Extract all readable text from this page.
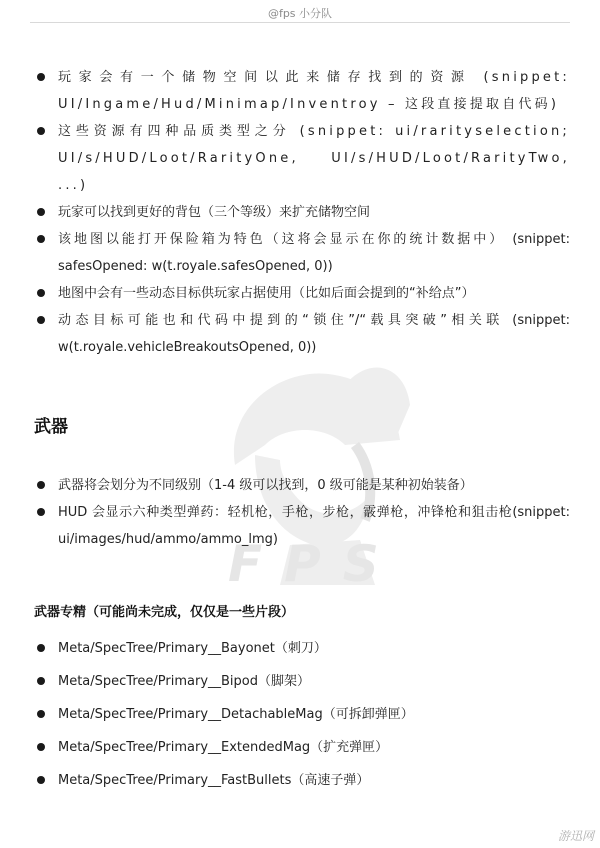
@fps 小分队
FPS
玩家会有一个储物空间以此来储存找到的资源 (snippet: UI/Ingame/Hud/Minimap/Inventroy – 这段直接提取自代码)
这些资源有四种品质类型之分 (snippet: ui/rarityselection; UI/s/HUD/Loot/RarityOne, UI/s/HUD/Loot/RarityTwo, ...)
玩家可以找到更好的背包（三个等级）来扩充储物空间
该地图以能打开保险箱为特色（这将会显示在你的统计数据中） (snippet: safesOpened: w(t.royale.safesOpened, 0))
地图中会有一些动态目标供玩家占据使用（比如后面会提到的“补给点”）
动态目标可能也和代码中提到的“锁住”/“载具突破”相关联 (snippet: w(t.royale.vehicleBreakoutsOpened, 0))
武器
武器将会划分为不同级别（1-4 级可以找到，0 级可能是某种初始装备）
HUD 会显示六种类型弹药：轻机枪，手枪，步枪，霰弹枪，冲锋枪和狙击枪(snippet: ui/images/hud/ammo/ammo_lmg)
武器专精（可能尚未完成，仅仅是一些片段）
Meta/SpecTree/Primary__Bayonet（刺刀）
Meta/SpecTree/Primary__Bipod（脚架）
Meta/SpecTree/Primary__DetachableMag（可拆卸弹匣）
Meta/SpecTree/Primary__ExtendedMag（扩充弹匣）
Meta/SpecTree/Primary__FastBullets（高速子弹）
游迅网
